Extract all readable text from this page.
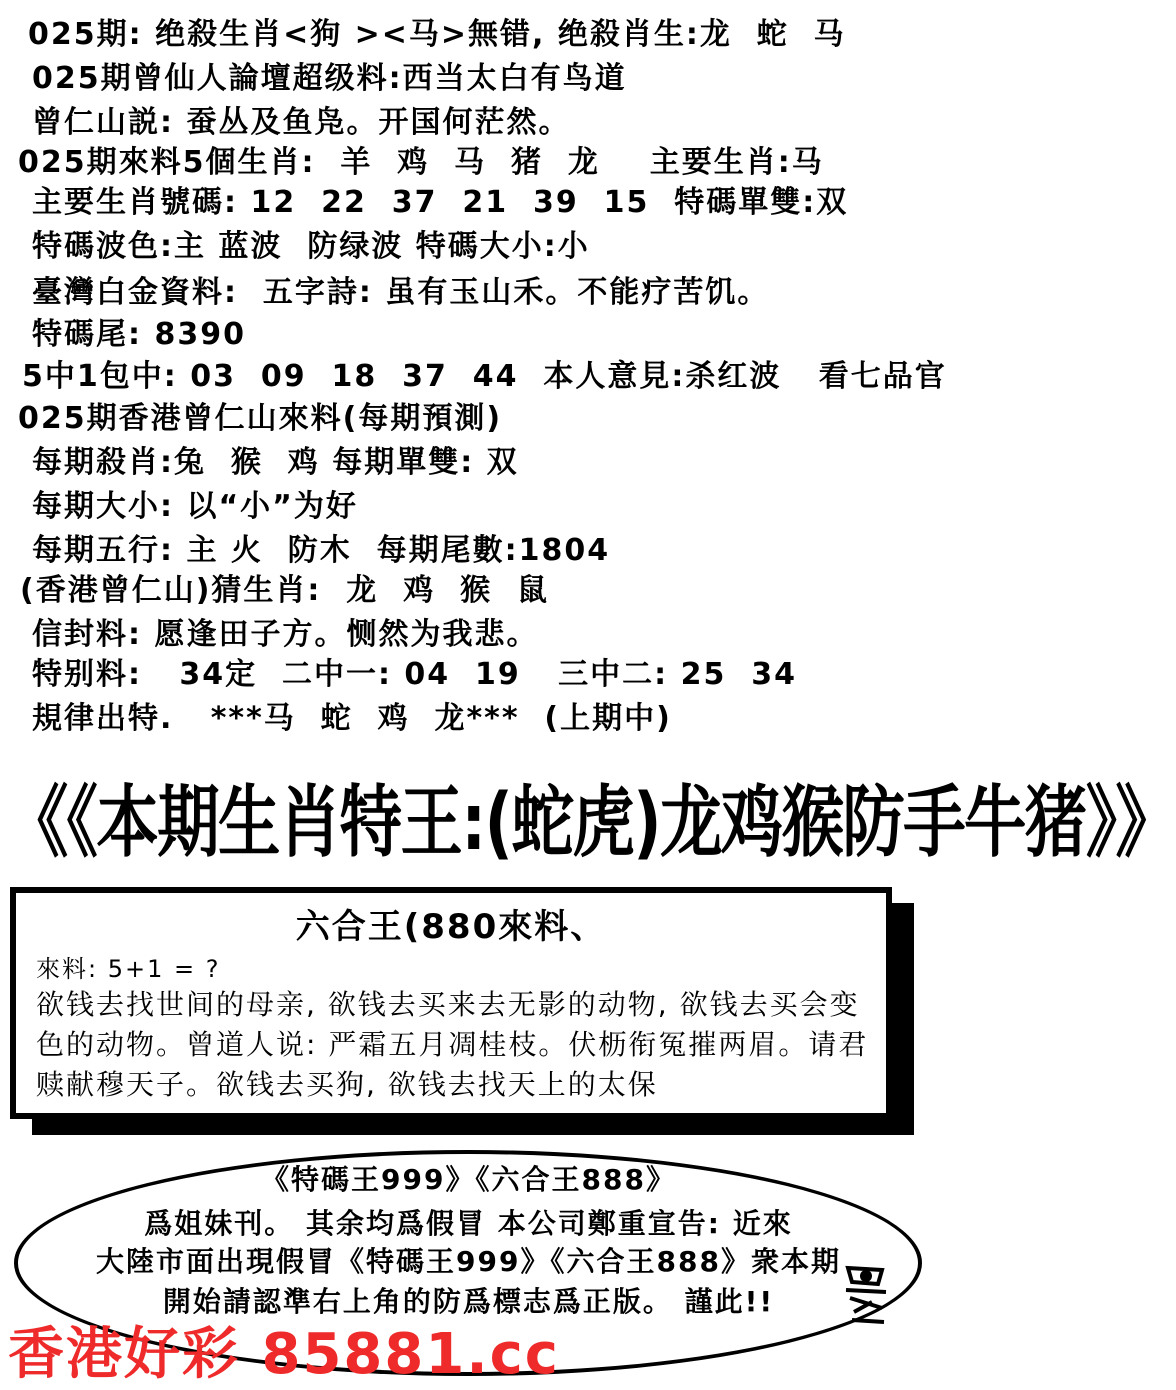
025期: 绝殺生肖<狗 ><马>無错, 绝殺肖生:龙  蛇  马
025期曾仙人論壇超级料:西当太白有鸟道
曾仁山説: 蚕丛及鱼凫。开国何茫然。
025期來料5個生肖:  羊  鸡  马  猪  龙    主要生肖:马
主要生肖號碼: 12  22  37  21  39  15  特碼單雙:双
特碼波色:主 蓝波  防绿波 特碼大小:小
臺灣白金資料:  五字詩: 虽有玉山禾。不能疗苦饥。
特碼尾: 8390
5中1包中: 03  09  18  37  44  本人意見:杀红波   看七品官
025期香港曾仁山來料(每期預測)
每期殺肖:兔  猴  鸡 每期單雙: 双
每期大小: 以“小”为好
每期五行: 主 火  防木  每期尾數:1804
(香港曾仁山)猜生肖:  龙  鸡  猴  鼠
信封料: 愿逢田子方。恻然为我悲。
特别料:   34定  二中一: 04  19   三中二: 25  34
規律出特.   ***马  蛇  鸡  龙***  (上期中)
《《本期生肖特王:(蛇虎)龙鸡猴防手牛猪》》
六合王(880來料、
來料: 5+1 = ?
欲钱去找世间的母亲, 欲钱去买来去无影的动物, 欲钱去买会变色的动物。曾道人说: 严霜五月凋桂枝。伏枥衔冤摧两眉。请君赎献穆天子。欲钱去买狗, 欲钱去找天上的太保
《特碼王999》《六合王888》
爲姐妹刊。 其余均爲假冒 本公司鄭重宣告: 近來
大陸市面出現假冒《特碼王999》《六合王888》衆本期
開始請認準右上角的防爲標志爲正版。 謹此!!
香港好彩 85881.cc
